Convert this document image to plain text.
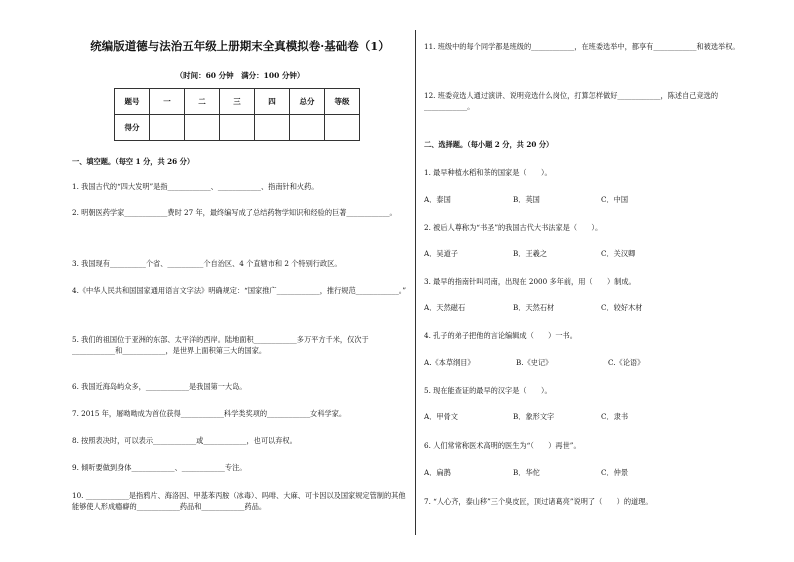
统编版道德与法治五年级上册期末全真模拟卷·基础卷（1）
（时间：60 分钟　满分：100 分钟）
题号	一	二	三	四	总分	等级
得分						
一、填空题。（每空 1 分，共 26 分）
1. 我国古代的“四大发明”是指____________、____________、指南针和火药。
2. 明朝医药学家____________费时 27 年，最终编写成了总结药物学知识和经验的巨著____________。
3. 我国现有__________个省、__________个自治区、4 个直辖市和 2 个特别行政区。
4.《中华人民共和国国家通用语言文字法》明确规定：“国家推广____________，推行规范____________。”
5. 我们的祖国位于亚洲的东部、太平洋的西岸。陆地面积____________多万平方千米，仅次于____________和____________，是世界上面积第三大的国家。
6. 我国近海岛屿众多，____________是我国第一大岛。
7. 2015 年，屠呦呦成为首位获得____________科学类奖项的____________女科学家。
8. 按照表决时，可以表示____________或____________，也可以弃权。
9. 倾听要做到身体____________、____________专注。
10. ____________是指鸦片、海洛因、甲基苯丙胺（冰毒）、吗啡、大麻、可卡因以及国家规定管制的其他能够使人形成瘾癖的____________药品和____________药品。
11. 班级中的每个同学都是班级的____________，在班委选举中，都享有____________和被选举权。
12. 班委竞选人通过演讲、说明竞选什么岗位，打算怎样做好____________，陈述自己竞选的____________。
二、选择题。（每小题 2 分，共 20 分）
1. 最早种植水稻和茶的国家是（　　）。
A．泰国	B．英国	C．中国
2. 被后人尊称为“书圣”的我国古代大书法家是（　　）。
A．吴道子	B．王羲之	C．关汉卿
3. 最早的指南针叫司南，出现在 2000 多年前，用（　　）制成。
A．天然磁石	B．天然石材	C．较好木材
4. 孔子的弟子把他的言论编辑成（　　）一书。
A.《本草纲目》	B.《史记》	C.《论语》
5. 现在能查证的最早的汉字是（　　）。
A．甲骨文	B．象形文字	C．隶书
6. 人们常常称医术高明的医生为“（　　）再世”。
A．扁鹊	B．华佗	C．仲景
7. “人心齐，泰山移”三个臭皮匠，顶过诸葛亮”说明了（　　）的道理。
